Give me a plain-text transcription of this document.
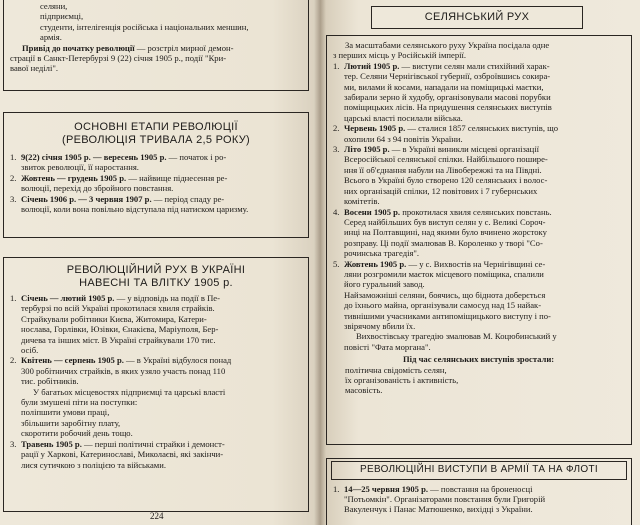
селяни,

підприємці,

студенти, інтелігенція російська і національних меншин,

армія.

Привід до початку революції — розстріл мирної демон-

страції в Санкт-Петербурзі 9 (22) січня 1905 р., події "Кри-

вавої неділі".

ОСНОВНІ ЕТАПИ РЕВОЛЮЦІЇ
(РЕВОЛЮЦІЯ ТРИВАЛА 2,5 РОКУ)
1. 9(22) січня 1905 р. — вересень 1905 р. — початок і ро-

звиток революції, її наростання.

2. Жовтень — грудень 1905 р. — найвище піднесення ре-

волюції, перехід до збройного повстання.

3. Січень 1906 р. — 3 червня 1907 р. — період спаду ре-

волюції, коли вона повільно відступала під натиском царизму.

РЕВОЛЮЦІЙНИЙ РУХ В УКРАЇНІ
НАВЕСНІ ТА ВЛІТКУ 1905 р.
1. Січень — лютий 1905 р. — у відповідь на події в Пе-

тербурзі по всій Україні прокотилася хвиля страйків.

Страйкували робітники Києва, Житомира, Катери-

нослава, Горлівки, Юзівки, Єнакієва, Маріуполя, Бер-

дичева та інших міст. В Україні страйкували 170 тис.

осіб.

2. Квітень — серпень 1905 р. — в Україні відбулося понад

300 робітничих страйків, в яких узяло участь понад 110

тис. робітників.

У багатьох місцевостях підприємці та царські власті

були змушені піти на поступки:

поліпшити умови праці,

збільшити заробітну плату,

скоротити робочий день тощо.

3. Травень 1905 р. — перші політичні страйки і демонст-

рації у Харкові, Катеринославі, Миколаєві, які закінчи-

лися сутичкою з поліцією та військами.

224
СЕЛЯНСЬКИЙ РУХ

За масштабами селянського руху Україна посідала одне

з перших місць у Російській імперії.

1. Лютий 1905 р. — виступи селян мали стихійний харак-

тер. Селяни Чернігівської губернії, озброївшись сокира-

ми, вилами й косами, нападали на поміщицькі маєтки,

забирали зерно й худобу, організовували масові порубки

поміщицьких лісів. На придушення селянських виступів

царські власті посилали війська.

2. Червень 1905 р. — сталися 1857 селянських виступів, що

охопили 64 з 94 повітів України.

3. Літо 1905 р. — в Україні виникли місцеві організації

Всеросійської селянської спілки. Найбільшого пошире-

ння її об'єднання набули на Лівобережжі та на Півдні.

Всього в Україні було створено 120 селянських і волос-

них організацій спілки, 12 повітових і 7 губернських

комітетів.

4. Восени 1905 р. прокотилася хвиля селянських повстань.

Серед найбільших був виступ селян у с. Великі Сороч-

инці на Полтавщині, над якими було вчинено жорстоку

розправу. Ці події змалював В. Короленко у творі "Со-

рочинська трагедія".

5. Жовтень 1905 р. — у с. Вихвостів на Чернігівщині се-

ляни розгромили маєток місцевого поміщика, спалили

його гуральний завод.

Найзаможніші селяни, боячись, що біднота доберється

до їхнього майна, організували самосуд над 15 найак-

тивнішими учасниками антипоміщицького виступу і по-

звірячому вбили їх.

Вихвостівську трагедію змалював М. Коцюбинський у

повісті "Фата моргана".

Під час селянських виступів зростали:

політична свідомість селян,

їх організованість і активність,

масовість.

РЕВОЛЮЦІЙНІ ВИСТУПИ В АРМІЇ ТА НА ФЛОТІ
1. 14—25 червня 1905 р. — повстання на броненосці

"Потьомкін". Організаторами повстання були Григорій

Вакуленчук і Панас Матюшенко, вихідці з України.
